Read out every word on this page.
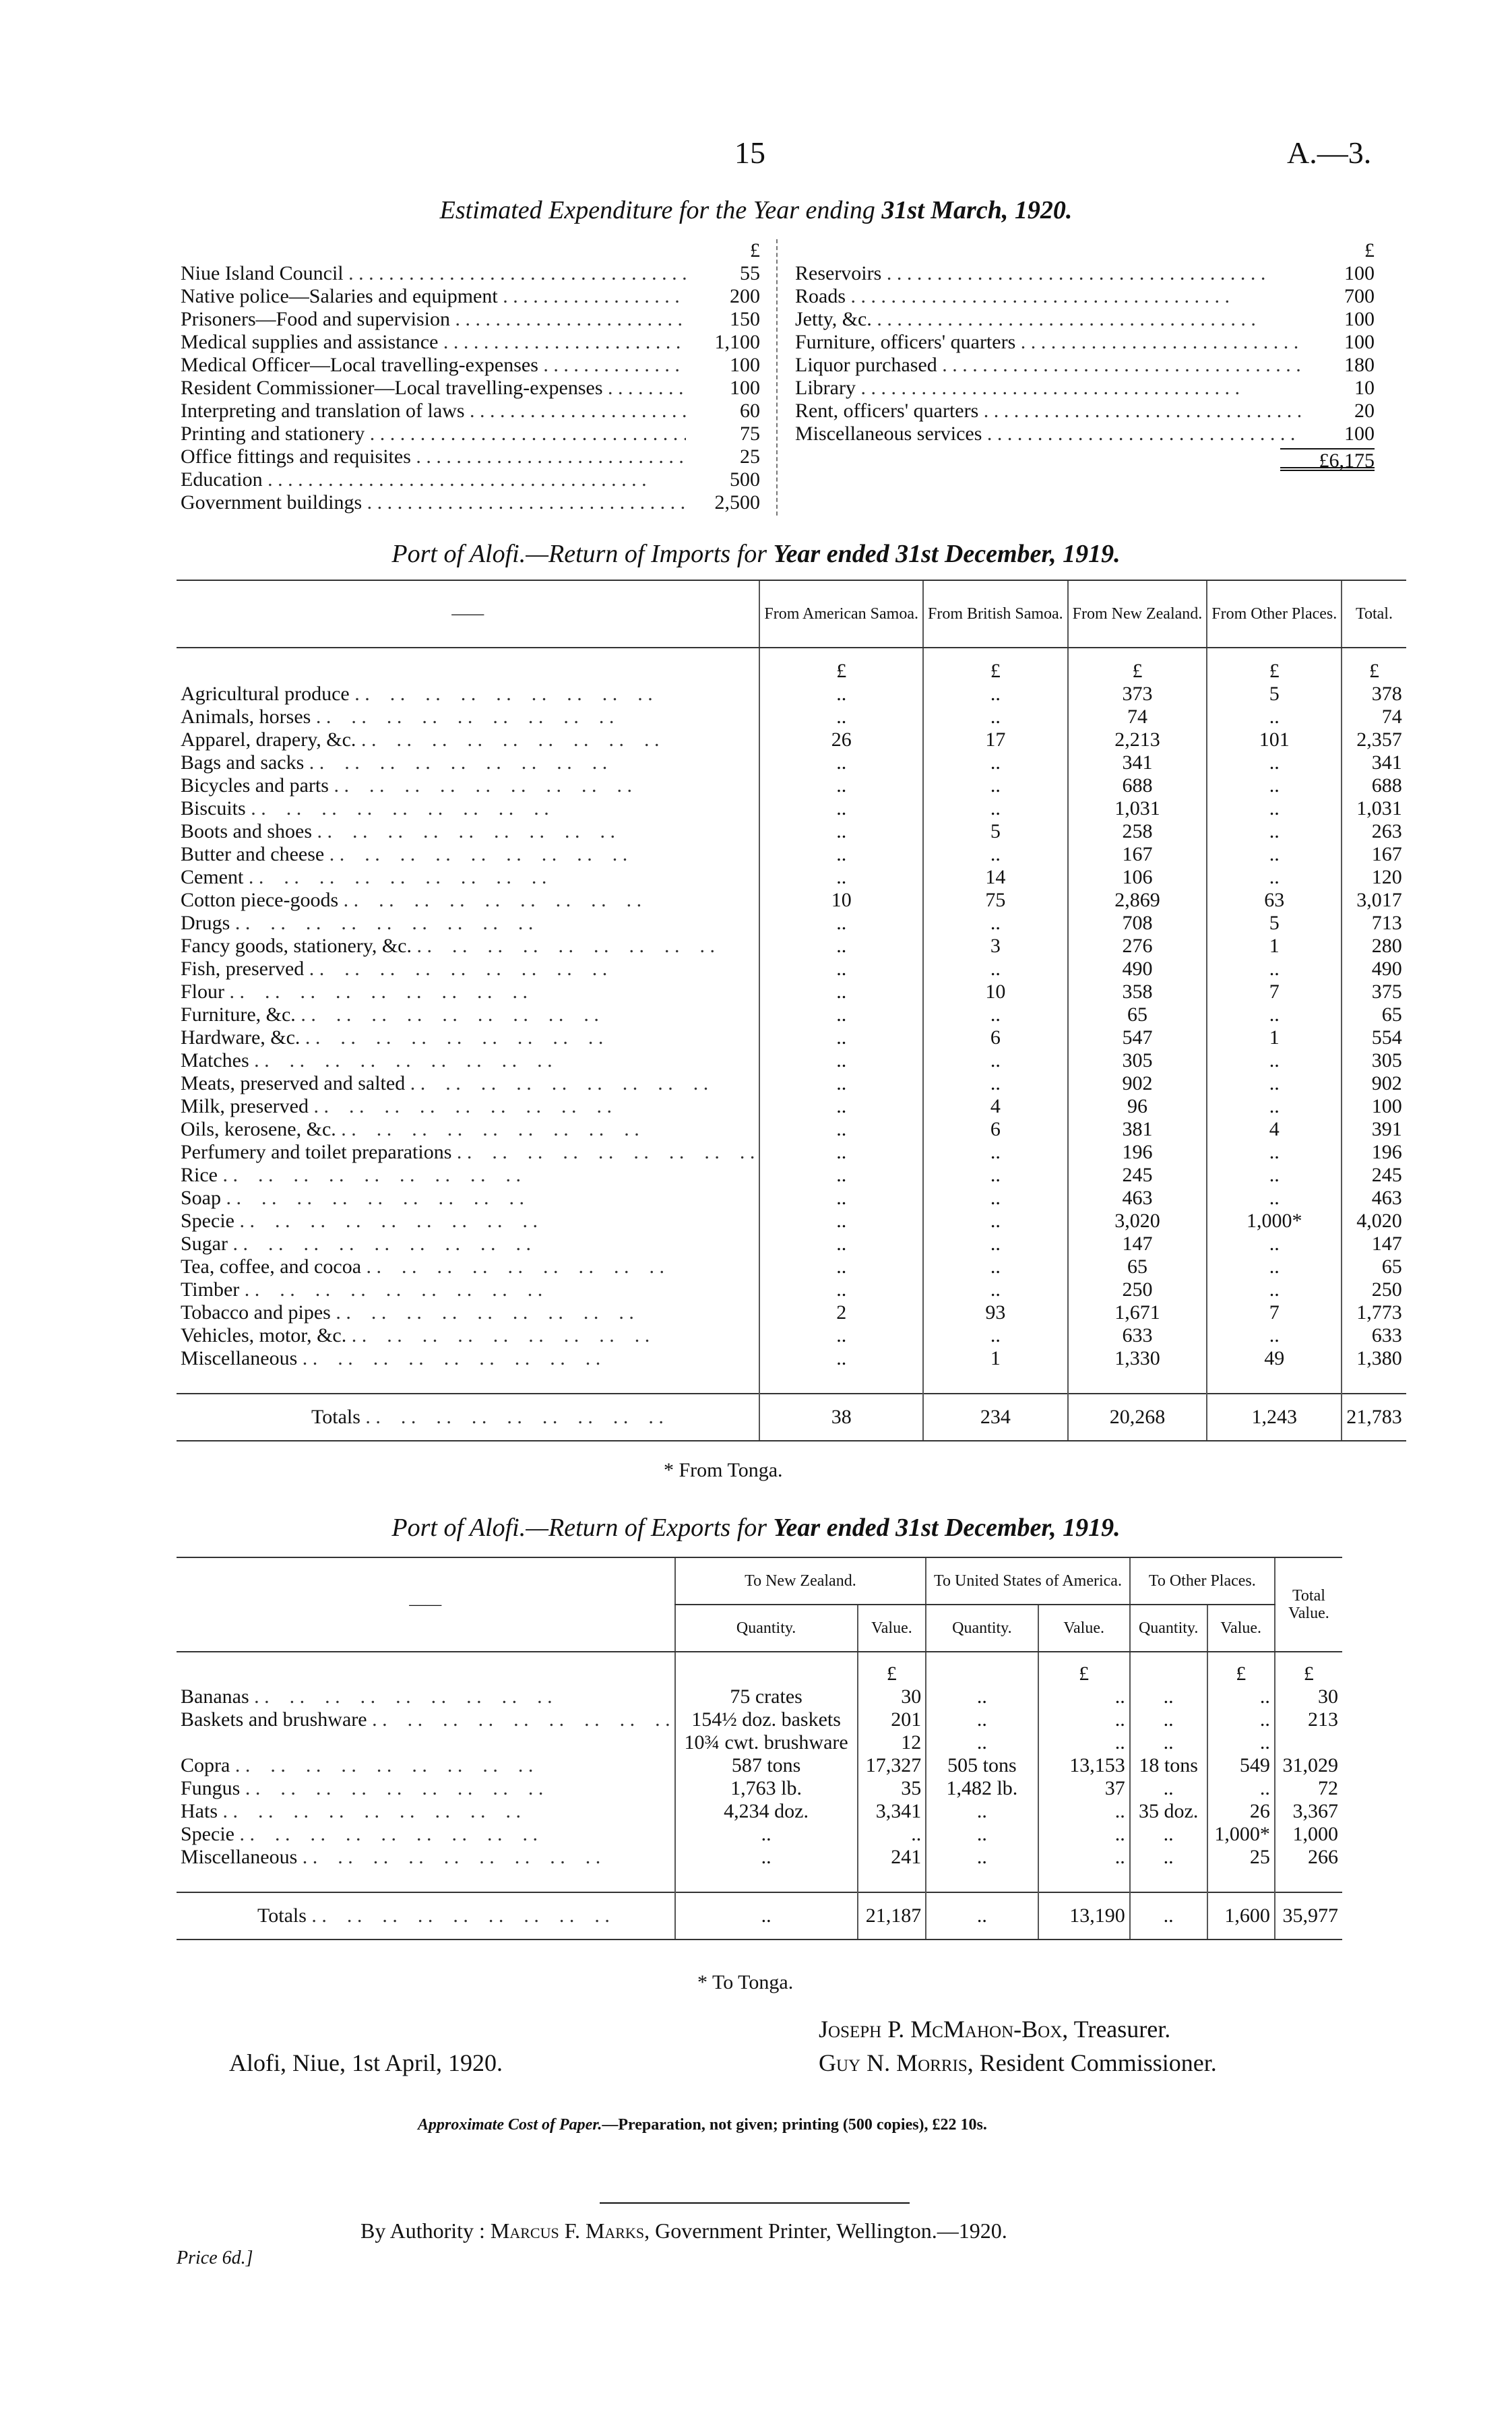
15	A.—3.
Estimated Expenditure for the Year ending 31st March, 1920.
£
Niue Island Council . . .	55
Native police—Salaries and equipment . . .	200
Prisoners—Food and supervision . . .	150
Medical supplies and assistance . . .	1,100
Medical Officer—Local travelling-expenses . . .	100
Resident Commissioner—Local travelling-expenses . . .	100
Interpreting and translation of laws . . .	60
Printing and stationery . . .	75
Office fittings and requisites . . .	25
Education . . .	500
Government buildings . . .	2,500
£
Reservoirs . . .	100
Roads . . .	700
Jetty, &c. . . .	100
Furniture, officers' quarters . . .	100
Liquor purchased . . .	180
Library . . .	10
Rent, officers' quarters . . .	20
Miscellaneous services . . .	100
£6,175
Port of Alofi.—Return of Imports for Year ended 31st December, 1919.
——	From American Samoa.	From British Samoa.	From New Zealand.	From Other Places.	Total.
	£	£	£	£	£
Agricultural produce . .	..	..	373	5	378
Animals, horses . .	..	..	74	..	74
Apparel, drapery, &c. . .	26	17	2,213	101	2,357
Bags and sacks . .	..	..	341	..	341
Bicycles and parts . .	..	..	688	..	688
Biscuits . .	..	..	1,031	..	1,031
Boots and shoes . .	..	5	258	..	263
Butter and cheese . .	..	..	167	..	167
Cement . .	..	14	106	..	120
Cotton piece-goods . .	10	75	2,869	63	3,017
Drugs . .	..	..	708	5	713
Fancy goods, stationery, &c. . .	..	3	276	1	280
Fish, preserved . .	..	..	490	..	490
Flour . .	..	10	358	7	375
Furniture, &c. . .	..	..	65	..	65
Hardware, &c. . .	..	6	547	1	554
Matches . .	..	..	305	..	305
Meats, preserved and salted . .	..	..	902	..	902
Milk, preserved . .	..	4	96	..	100
Oils, kerosene, &c. . .	..	6	381	4	391
Perfumery and toilet preparations . .	..	..	196	..	196
Rice . .	..	..	245	..	245
Soap . .	..	..	463	..	463
Specie . .	..	..	3,020	1,000*	4,020
Sugar . .	..	..	147	..	147
Tea, coffee, and cocoa . .	..	..	65	..	65
Timber . .	..	..	250	..	250
Tobacco and pipes . .	2	93	1,671	7	1,773
Vehicles, motor, &c. . .	..	..	633	..	633
Miscellaneous . .	..	1	1,330	49	1,380

Totals . .	38	234	20,268	1,243	21,783
* From Tonga.
Port of Alofi.—Return of Exports for Year ended 31st December, 1919.
——	To New Zealand.		To United States of America.		To Other Places.		Total Value.
	Quantity.	Value.	Quantity.	Value.	Quantity.	Value.	
		£		£		£	£
Bananas . .	75 crates	30	..	..	..	..	30
Baskets and brushware . .	154½ doz. baskets	201	..	..	..	..	213
	10¾ cwt. brushware	12	..	..	..	..	
Copra . .	587 tons	17,327	505 tons	13,153	18 tons	549	31,029
Fungus . .	1,763 lb.	35	1,482 lb.	37	..	..	72
Hats . .	4,234 doz.	3,341	..	..	35 doz.	26	3,367
Specie . .	..	..	..	..	..	1,000*	1,000
Miscellaneous . .	..	241	..	..	..	25	266

Totals . .	..	21,187	..	13,190	..	1,600	35,977
* To Tonga.
Alofi, Niue, 1st April, 1920.
Joseph P. McMahon-Box, Treasurer.
Guy N. Morris, Resident Commissioner.
Approximate Cost of Paper.—Preparation, not given; printing (500 copies), £22 10s.
By Authority : Marcus F. Marks, Government Printer, Wellington.—1920.
Price 6d.]
